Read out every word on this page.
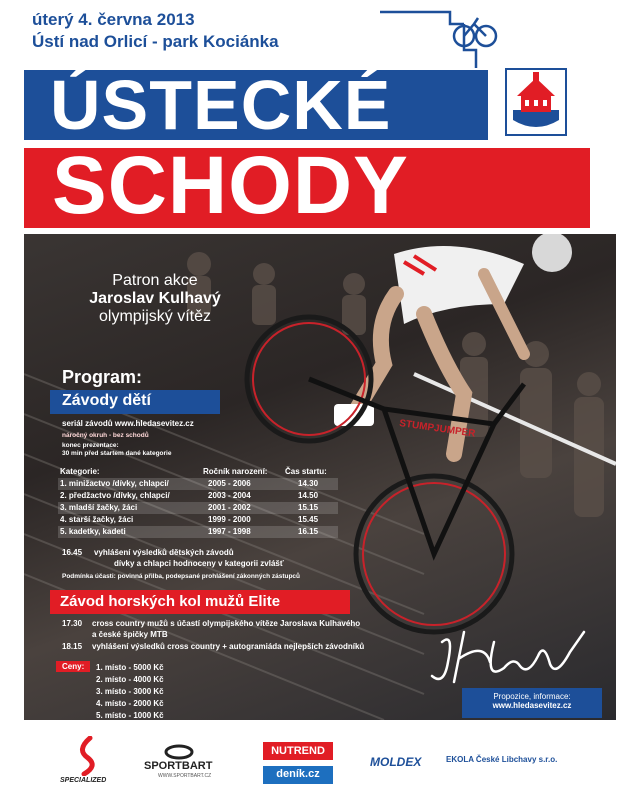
úterý 4. června 2013
Ústí nad Orlicí - park Kociánka
ÚSTECKÉ
SCHODY
STUMPJUMPER
Patron akce
Jaroslav Kulhavý
olympijský vítěz
Program:
Závody dětí
seriál závodů www.hledasevitez.cz
náročný okruh - bez schodů
konec prezentace:
30 min před startem dané kategorie
Kategorie:	Ročník narození: Čas startu:
1. minižactvo /dívky, chlapci/	2005 - 2006	14.30
2. předžactvo /dívky, chlapci/	2003 - 2004	14.50
3. mladší žačky, žáci	2001 - 2002	15.15
4. starší žačky, žáci	1999 - 2000	15.45
5. kadetky, kadeti	1997 - 1998	16.15
16.45 vyhlášení výsledků dětských závodů
dívky a chlapci hodnoceny v kategorii zvlášť
Podmínka účasti: povinná přilba, podepsané prohlášení zákonných zástupců
Závod horských kol mužů Elite
17.30 cross country mužů s účastí olympijského vítěze Jaroslava Kulhavého
a české špičky MTB
18.15 vyhlášení výsledků cross country + autogramiáda nejlepších závodníků
Ceny:	1. místo - 5000 Kč
2. místo - 4000 Kč
3. místo - 3000 Kč
4. místo - 2000 Kč
5. místo - 1000 Kč
Propozice, informace:
www.hledasevitez.cz
SPECIALIZED
SPORTBART
WWW.SPORTBART.CZ
NUTREND
deník.cz
MOLDEX	EKOLA České Libchavy s.r.o.
